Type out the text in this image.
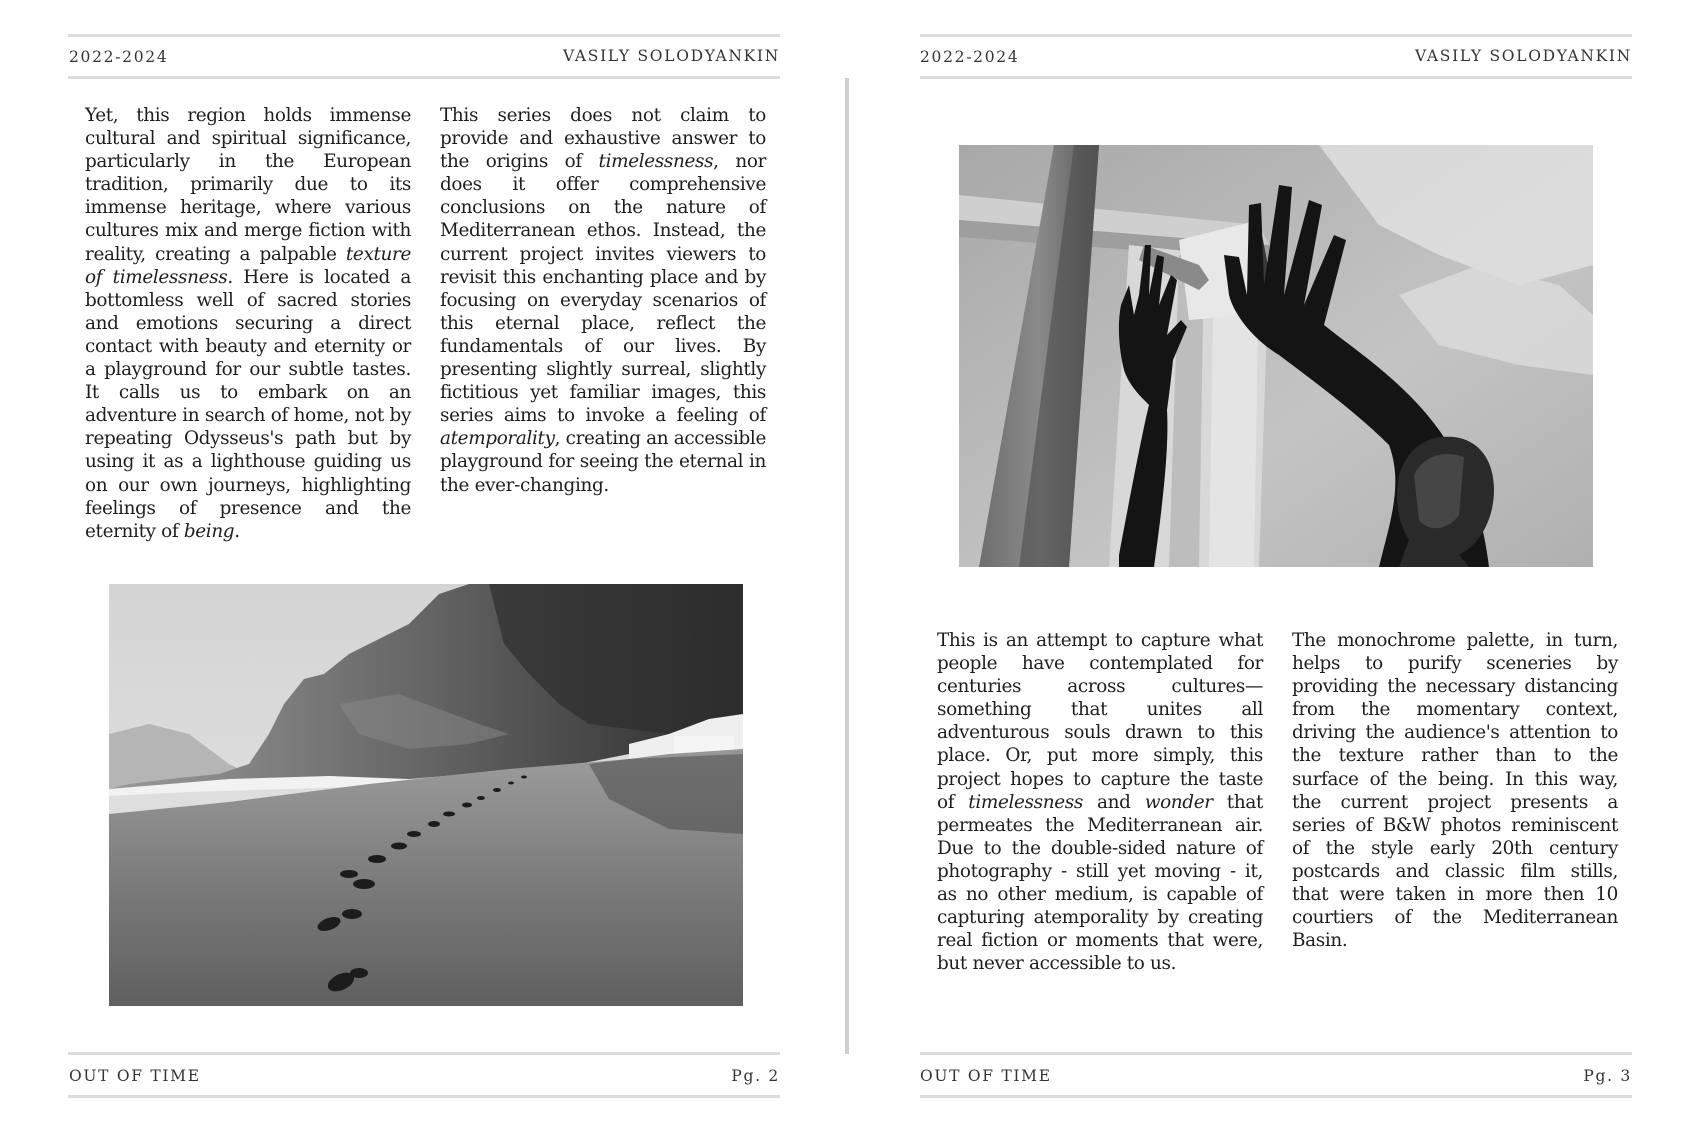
2022-2024	VASILY SOLODYANKIN

Yet, this region holds immense cultural and spiritual significance, particularly in the European tradition, primarily due to its immense heritage, where various cultures mix and merge fiction with reality, creating a palpable texture of timelessness. Here is located a bottomless well of sacred stories and emotions securing a direct contact with beauty and eternity or a playground for our subtle tastes. It calls us to embark on an adventure in search of home, not by repeating Odysseus's path but by using it as a lighthouse guiding us on our own journeys, highlighting feelings of presence and the eternity of being.

This series does not claim to provide and exhaustive answer to the origins of timelessness, nor does it offer comprehensive conclusions on the nature of Mediterranean ethos. Instead, the current project invites viewers to revisit this enchanting place and by focusing on everyday scenarios of this eternal place, reflect the fundamentals of our lives. By presenting slightly surreal, slightly fictitious yet familiar images, this series aims to invoke a feeling of atemporality, creating an accessible playground for seeing the eternal in the ever-changing.

OUT OF TIME	Pg. 2
2022-2024	VASILY SOLODYANKIN

This is an attempt to capture what people have contemplated for centuries across cultures—something that unites all adventurous souls drawn to this place. Or, put more simply, this project hopes to capture the taste of timelessness and wonder that permeates the Mediterranean air. Due to the double-sided nature of photography - still yet moving - it, as no other medium, is capable of capturing atemporality by creating real fiction or moments that were, but never accessible to us.

The monochrome palette, in turn, helps to purify sceneries by providing the necessary distancing from the momentary context, driving the audience's attention to the texture rather than to the surface of the being. In this way, the current project presents a series of B&W photos reminiscent of the style early 20th century postcards and classic film stills, that were taken in more then 10 courtiers of the Mediterranean Basin.

OUT OF TIME	Pg. 3
